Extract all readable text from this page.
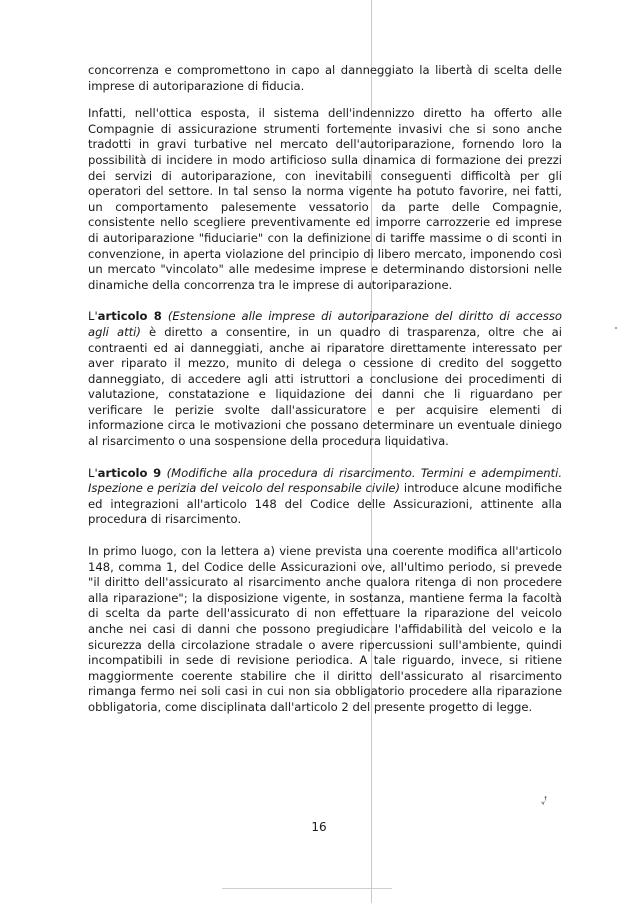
concorrenza e compromettono in capo al danneggiato la libertà di scelta delle imprese di autoriparazione di fiducia.

Infatti, nell'ottica esposta, il sistema dell'indennizzo diretto ha offerto alle Compagnie di assicurazione strumenti fortemente invasivi che si sono anche tradotti in gravi turbative nel mercato dell'autoriparazione, fornendo loro la possibilità di incidere in modo artificioso sulla dinamica di formazione dei prezzi dei servizi di autoriparazione, con inevitabili conseguenti difficoltà per gli operatori del settore. In tal senso la norma vigente ha potuto favorire, nei fatti, un comportamento palesemente vessatorio da parte delle Compagnie, consistente nello scegliere preventivamente ed imporre carrozzerie ed imprese di autoriparazione "fiduciarie" con la definizione di tariffe massime o di sconti in convenzione, in aperta violazione del principio di libero mercato, imponendo così un mercato "vincolato" alle medesime imprese e determinando distorsioni nelle dinamiche della concorrenza tra le imprese di autoriparazione.

L'articolo 8 (Estensione alle imprese di autoriparazione del diritto di accesso agli atti) è diretto a consentire, in un quadro di trasparenza, oltre che ai contraenti ed ai danneggiati, anche ai riparatore direttamente interessato per aver riparato il mezzo, munito di delega o cessione di credito del soggetto danneggiato, di accedere agli atti istruttori a conclusione dei procedimenti di valutazione, constatazione e liquidazione dei danni che li riguardano per verificare le perizie svolte dall'assicuratore e per acquisire elementi di informazione circa le motivazioni che possano determinare un eventuale diniego al risarcimento o una sospensione della procedura liquidativa.

L'articolo 9 (Modifiche alla procedura di risarcimento. Termini e adempimenti. Ispezione e perizia del veicolo del responsabile civile) introduce alcune modifiche ed integrazioni all'articolo 148 del Codice delle Assicurazioni, attinente alla procedura di risarcimento.

In primo luogo, con la lettera a) viene prevista una coerente modifica all'articolo 148, comma 1, del Codice delle Assicurazioni ove, all'ultimo periodo, si prevede "il diritto dell'assicurato al risarcimento anche qualora ritenga di non procedere alla riparazione"; la disposizione vigente, in sostanza, mantiene ferma la facoltà di scelta da parte dell'assicurato di non effettuare la riparazione del veicolo anche nei casi di danni che possono pregiudicare l'affidabilità del veicolo e la sicurezza della circolazione stradale o avere ripercussioni sull'ambiente, quindi incompatibili in sede di revisione periodica. A tale riguardo, invece, si ritiene maggiormente coerente stabilire che il diritto dell'assicurato al risarcimento rimanga fermo nei soli casi in cui non sia obbligatorio procedere alla riparazione obbligatoria, come disciplinata dall'articolo 2 del presente progetto di legge.

ᵥᶠ
16
